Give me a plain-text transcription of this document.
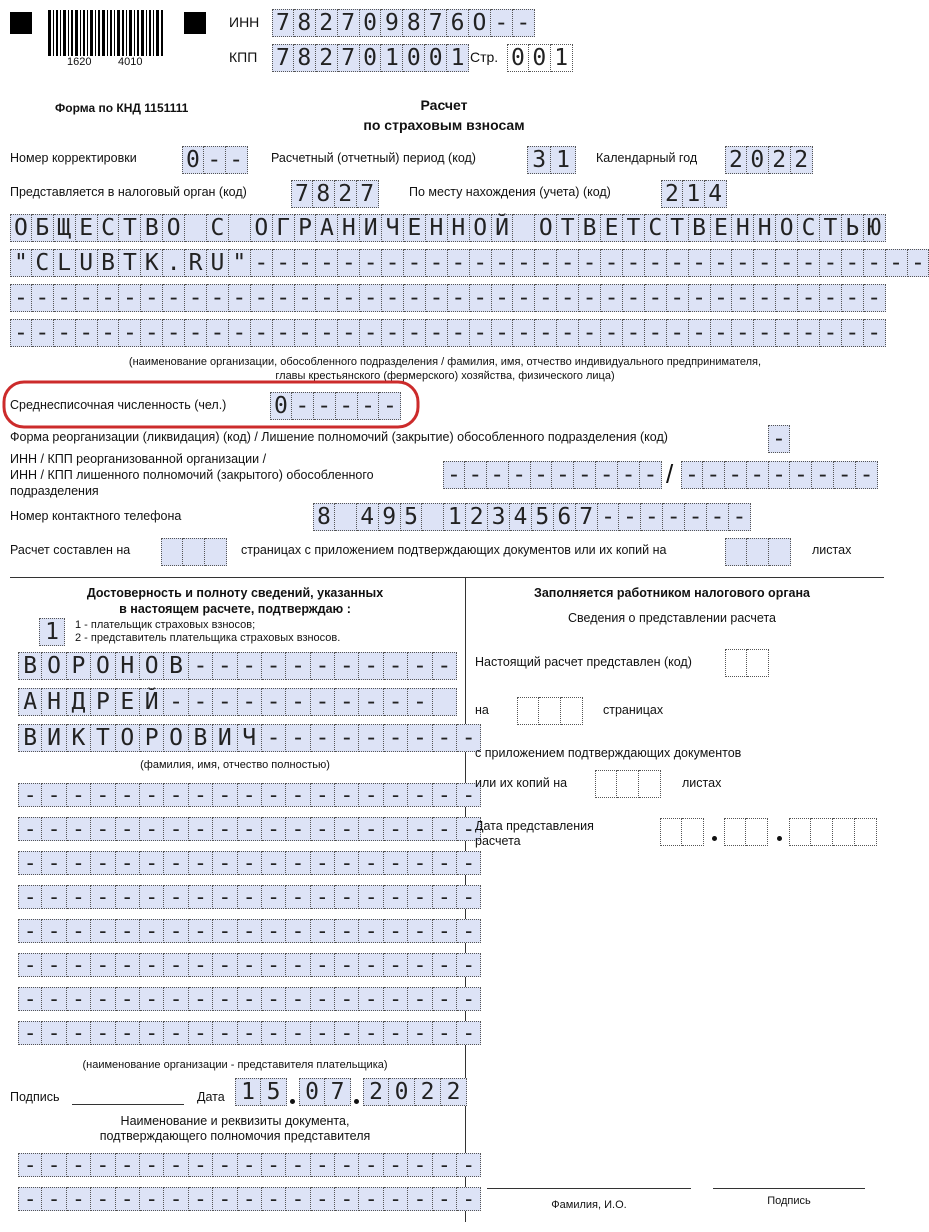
1620 4010
ИНН 7 8 2 7 0 9 8 7 6 O - -
КПП 7 8 2 7 0 1 0 0 1 Стр. 0 0 1
Форма по КНД 1151111	Расчет
по страховым взносам
Номер корректировки 0 - -	Расчетный (отчетный) период (код) 3 1	Календарный год 2 0 2 2
Представляется в налоговый орган (код) 7 8 2 7	По месту нахождения (учета) (код) 2 1 4
О Б Щ Е С Т В О С О Г Р А Н И Ч Е Н Н О Й О Т В Е Т С Т В Е Н Н О С Т Ь Ю
" C L U B T K . R U " - - - - - - - - - - - - - - - - - - - - - - - - - - - - - - -
- - - - - - - - - - - - - - - - - - - - - - - - - - - - - - - - - - - - - - - -
- - - - - - - - - - - - - - - - - - - - - - - - - - - - - - - - - - - - - - - -
(наименование организации, обособленного подразделения / фамилия, имя, отчество индивидуального предпринимателя,
главы крестьянского (фермерского) хозяйства, физического лица)
Среднесписочная численность (чел.) 0 - - - - -
Форма реорганизации (ликвидация) (код) / Лишение полномочий (закрытие) обособленного подразделения (код)	-
ИНН / КПП реорганизованной организации /
ИНН / КПП лишенного полномочий (закрытого) обособленного
подразделения
- - - - - - - - - - / - - - - - - - - -
Номер контактного телефона	8 4 9 5 1 2 3 4 5 6 7 - - - - - - -
Расчет составлен на	страницах с приложением подтверждающих документов или их копий на	листах
Достоверность и полноту сведений, указанных
в настоящем расчете, подтверждаю :
1	1 - плательщик страховых взносов;
2 - представитель плательщика страховых взносов.
В О Р О Н О В - - - - - - - - - - -
А Н Д Р Е Й - - - - - - - - - - -
В И К Т О Р О В И Ч - - - - - - - - -
(фамилия, имя, отчество полностью)
- - - - - - - - - - - - - - - - - - -
- - - - - - - - - - - - - - - - - - -
- - - - - - - - - - - - - - - - - - -
- - - - - - - - - - - - - - - - - - -
- - - - - - - - - - - - - - - - - - -
- - - - - - - - - - - - - - - - - - -
- - - - - - - - - - - - - - - - - - -
- - - - - - - - - - - - - - - - - - -
(наименование организации - представителя плательщика)
Подпись	Дата 1 5 0 7 2 0 2 2
Наименование и реквизиты документа,
подтверждающего полномочия представителя
- - - - - - - - - - - - - - - - - - -
- - - - - - - - - - - - - - - - - - -
Заполняется работником налогового органа
Сведения о представлении расчета
Настоящий расчет представлен (код)
на	страницах
с приложением подтверждающих документов
или их копий на	листах
Дата представления
расчета
Фамилия, И.О.	Подпись
